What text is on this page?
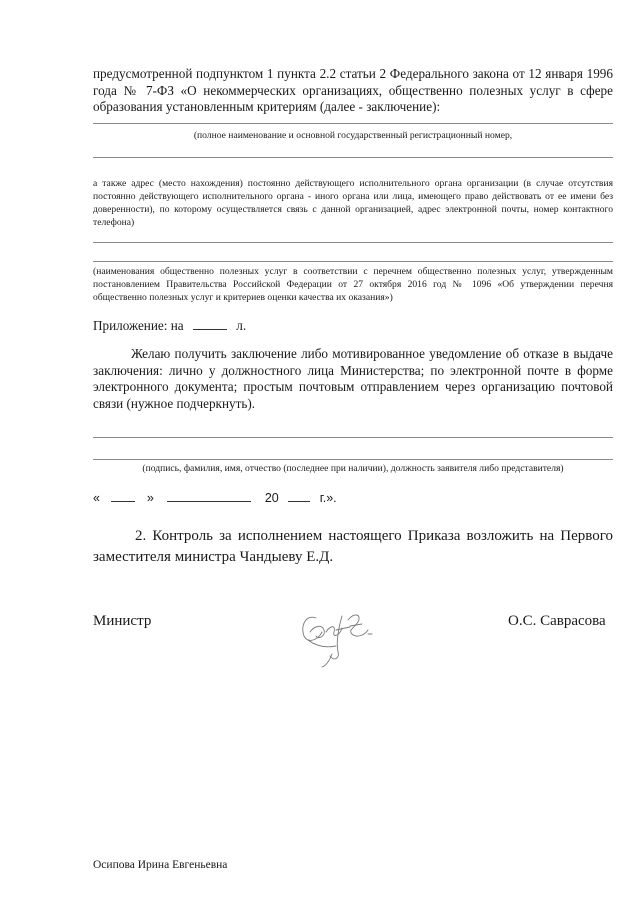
предусмотренной подпунктом 1 пункта 2.2 статьи 2 Федерального закона от 12 января 1996 года № 7-ФЗ «О некоммерческих организациях, общественно полезных услуг в сфере образования установленным критериям (далее - заключение):
(полное наименование и основной государственный регистрационный номер,
а также адрес (место нахождения) постоянно действующего исполнительного органа организации (в случае отсутствия постоянно действующего исполнительного органа - иного органа или лица, имеющего право действовать от ее имени без доверенности), по которому осуществляется связь с данной организацией, адрес электронной почты, номер контактного телефона)
(наименования общественно полезных услуг в соответствии с перечнем общественно полезных услуг, утвержденным постановлением Правительства Российской Федерации от 27 октября 2016 год № 1096 «Об утверждении перечня общественно полезных услуг и критериев оценки качества их оказания»)
Приложение: на	л.
Желаю получить заключение либо мотивированное уведомление об отказе в выдаче заключения: лично у должностного лица Министерства; по электронной почте в форме электронного документа; простым почтовым отправлением через организацию почтовой связи (нужное подчеркнуть).
(подпись, фамилия, имя, отчество (последнее при наличии), должность заявителя либо представителя)
«	»	20	г.».
2. Контроль за исполнением настоящего Приказа возложить на Первого заместителя министра Чандыеву Е.Д.
Министр	О.С. Саврасова
Осипова Ирина Евгеньевна
